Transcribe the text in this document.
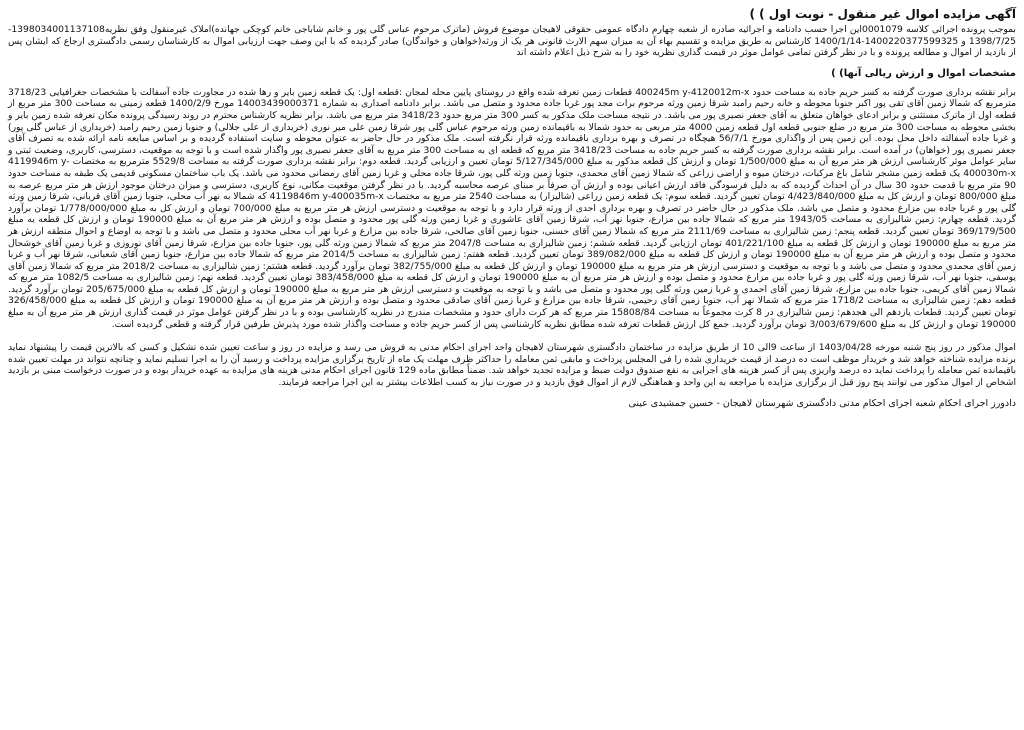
آگهی مزایده اموال غیر منقول - نوبت اول ) )

بموجب پرونده اجرائی کلاسه 0001079این اجرا حسب دادنامه و اجرائیه صادره از شعبه چهارم دادگاه عمومی حقوقی لاهیجان موضوع فروش (ماترک مرحوم عباس گلی پور و خانم شاباجی خانم کوچکی جهانده)املاک غیرمنقول وفق نظریه1398034001137108-1398/7/25 و 1400220377599325-1400/1/14 کارشناس به طریق مزایده و تقسیم بهاء آن به میزان سهم الارث قانونی هر یک از ورثه(خواهان و خواندگان) صادر گردیده که با این وصف جهت ارزیابی اموال به کارشناسان رسمی دادگستری ارجاع که ایشان پس از بازدید از اموال و مطالعه پرونده و با در نظر گرفتن تمامی عوامل موثر در قیمت گذاری نظریه خود را به شرح ذیل اعلام داشته اند

مشخصات اموال و ارزش ریالی آنها) )

برابر نقشه برداری صورت گرفته به کسر حریم جاده به مساحت حدود 400245m y-4120012m-x قطعات زمین تعرفه شده واقع در روستای پایین محله لمجان :قطعه اول: یک قطعه زمین بایر و رها شده در مجاورت جاده آسفالت با مشخصات جغرافیایی 3718/23 مترمربع که شمالا زمین آقای تقی پور اکبر جنوبا محوطه و خانه رحیم رامبد شرقا زمین ورثه مرحوم برات مجد پور غربا جاده محدود و متصل می باشد. برابر دادنامه اصداری به شماره 14003439000371 مورخ 1400/2/9 قطعه زمینی به مساحت 300 متر مربع از قطعه اول از ماترک مستثنی و برابر ادعای خواهان متعلق به آقای جعفر نصیری پور می باشد. در نتیجه مساحت ملک مذکور به کسر 300 متر مربع حدود 3418/23 متر مربع می باشد. برابر نظریه کارشناس محترم در روند رسیدگی پرونده مکان تعرفه شده زمین بایر و بخشی محوطه به مساحت 300 متر مربع در ضلع جنوبی قطعه اول قطعه زمین 4000 متر مربعی به حدود شمالا به باقیمانده زمین ورثه مرحوم عباس گلی پور شرقا زمین علی میر نوری (خریداری از علی جلالی) و جنوبا زمین رحیم رامبد (خریداری از عباس گلی پور) و غربا جاده آسفالته داخل محل بوده. این زمین پس از واگذاری مورخ 56/7/1 هیچگاه در تصرف و بهره برداری باقیمانده ورثه قرار نگرفته است. ملک مذکور در حال حاضر به عنوان محوطه و سایت استفاده گردیده و بر اساس مبایعه نامه ارائه شده به تصرف آقای جعفر نصیری پور (خواهان) در آمده است. برابر نقشه برداری صورت گرفته به کسر حریم جاده به مساحت 3418/23 متر مربع که قطعه ای به مساحت 300 متر مربع به آقای جعفر نصیری پور واگذار شده است و با توجه به موقعیت، دسترسی، کاربری، وضعیت ثبتی و سایر عوامل موثر کارشناسی ارزش هر متر مربع آن به مبلغ 1/500/000 تومان و ارزش کل قطعه مذکور به مبلغ 5/127/345/000 تومان تعیین و ارزیابی گردید. قطعه دوم: برابر نقشه برداری صورت گرفته به مساحت 5529/8 مترمربع به مختصات 4119946m y-400030m-x یک قطعه زمین مشجر شامل باغ مرکبات، درختان میوه و اراضی زراعی که شمالا زمین آقای محمدی، جنوبا زمین ورثه گلی پور، شرقا جاده محلی و غربا زمین آقای رمضانی محدود می باشد. یک باب ساختمان مسکونی قدیمی یک طبقه به مساحت حدود 90 متر مربع با قدمت حدود 30 سال در آن احداث گردیده که به دلیل فرسودگی فاقد ارزش اعیانی بوده و ارزش آن صرفاً بر مبنای عرصه محاسبه گردید. با در نظر گرفتن موقعیت مکانی، نوع کاربری، دسترسی و میزان درختان موجود ارزش هر متر مربع عرصه به مبلغ 800/000 تومان و ارزش کل به مبلغ 4/423/840/000 تومان تعیین گردید. قطعه سوم: یک قطعه زمین زراعی (شالیزار) به مساحت 2540 متر مربع به مختصات 4119846m y-400035m-x که شمالا به نهر آب محلی، جنوبا زمین آقای قربانی، شرقا زمین ورثه گلی پور و غربا جاده بین مزارع محدود و متصل می باشد. ملک مذکور در حال حاضر در تصرف و بهره برداری احدی از ورثه قرار دارد و با توجه به موقعیت و دسترسی ارزش هر متر مربع به مبلغ 700/000 تومان و ارزش کل به مبلغ 1/778/000/000 تومان برآورد گردید. قطعه چهارم: زمین شالیزاری به مساحت 1943/05 متر مربع که شمالا جاده بین مزارع، جنوبا نهر آب، شرقا زمین آقای عاشوری و غربا زمین ورثه گلی پور محدود و متصل بوده و ارزش هر متر مربع آن به مبلغ 190000 تومان و ارزش کل قطعه به مبلغ 369/179/500 تومان تعیین گردید. قطعه پنجم: زمین شالیزاری به مساحت 2111/69 متر مربع که شمالا زمین آقای حسنی، جنوبا زمین آقای صالحی، شرقا جاده بین مزارع و غربا نهر آب محلی محدود و متصل می باشد و با توجه به اوضاع و احوال منطقه ارزش هر متر مربع به مبلغ 190000 تومان و ارزش کل قطعه به مبلغ 401/221/100 تومان ارزیابی گردید. قطعه ششم: زمین شالیزاری به مساحت 2047/8 متر مربع که شمالا زمین ورثه گلی پور، جنوبا جاده بین مزارع، شرقا زمین آقای نوروزی و غربا زمین آقای خوشحال محدود و متصل بوده و ارزش هر متر مربع آن به مبلغ 190000 تومان و ارزش کل قطعه به مبلغ 389/082/000 تومان تعیین گردید. قطعه هفتم: زمین شالیزاری به مساحت 2014/5 متر مربع که شمالا جاده بین مزارع، جنوبا زمین آقای شعبانی، شرقا نهر آب و غربا زمین آقای محمدی محدود و متصل می باشد و با توجه به موقعیت و دسترسی ارزش هر متر مربع به مبلغ 190000 تومان و ارزش کل قطعه به مبلغ 382/755/000 تومان برآورد گردید. قطعه هشتم: زمین شالیزاری به مساحت 2018/2 متر مربع که شمالا زمین آقای یوسفی، جنوبا نهر آب، شرقا زمین ورثه گلی پور و غربا جاده بین مزارع محدود و متصل بوده و ارزش هر متر مربع آن به مبلغ 190000 تومان و ارزش کل قطعه به مبلغ 383/458/000 تومان تعیین گردید. قطعه نهم: زمین شالیزاری به مساحت 1082/5 متر مربع که شمالا زمین آقای کریمی، جنوبا جاده بین مزارع، شرقا زمین آقای احمدی و غربا زمین ورثه گلی پور محدود و متصل می باشد و با توجه به موقعیت و دسترسی ارزش هر متر مربع به مبلغ 190000 تومان و ارزش کل قطعه به مبلغ 205/675/000 تومان برآورد گردید. قطعه دهم: زمین شالیزاری به مساحت 1718/2 متر مربع که شمالا نهر آب، جنوبا زمین آقای رحیمی، شرقا جاده بین مزارع و غربا زمین آقای صادقی محدود و متصل بوده و ارزش هر متر مربع آن به مبلغ 190000 تومان و ارزش کل قطعه به مبلغ 326/458/000 تومان تعیین گردید. قطعات یازدهم الی هجدهم: زمین شالیزاری در 8 کرت مجموعاً به مساحت 15808/84 متر مربع که هر کرت دارای حدود و مشخصات مندرج در نظریه کارشناسی بوده و با در نظر گرفتن عوامل موثر در قیمت گذاری ارزش هر متر مربع آن به مبلغ 190000 تومان و ارزش کل به مبلغ 3/003/679/600 تومان برآورد گردید. جمع کل ارزش قطعات تعرفه شده مطابق نظریه کارشناسی پس از کسر حریم جاده و مساحت واگذار شده مورد پذیرش طرفین قرار گرفته و قطعی گردیده است.

اموال مذکور در روز پنج شنبه مورخه 1403/04/28 از ساعت 9الی 10 از طریق مزایده در ساختمان دادگستری شهرستان لاهیجان واحد اجرای احکام مدنی به فروش می رسد و مزایده در روز و ساعت تعیین شده تشکیل و کسی که بالاترین قیمت را پیشنهاد نماید برنده مزایده شناخته خواهد شد و خریدار موظف است ده درصد از قیمت خریداری شده را فی المجلس پرداخت و مابقی ثمن معامله را حداکثر ظرف مهلت یک ماه از تاریخ برگزاری مزایده پرداخت و رسید آن را به اجرا تسلیم نماید و چنانچه نتواند در مهلت تعیین شده باقیمانده ثمن معامله را پرداخت نماید ده درصد واریزی پس از کسر هزینه های اجرایی به نفع صندوق دولت ضبط و مزایده تجدید خواهد شد. ضمناً مطابق ماده 129 قانون اجرای احکام مدنی هزینه های مزایده به عهده خریدار بوده و در صورت درخواست مبنی بر بازدید اشخاص از اموال مذکور می توانند پنج روز قبل از برگزاری مزایده با مراجعه به این واحد و هماهنگی لازم از اموال فوق بازدید و در صورت نیاز به کسب اطلاعات بیشتر به این اجرا مراجعه فرمایند.

دادورز اجرای احکام شعبه اجرای احکام مدنی دادگستری شهرستان لاهیجان - حسین جمشیدی عینی
